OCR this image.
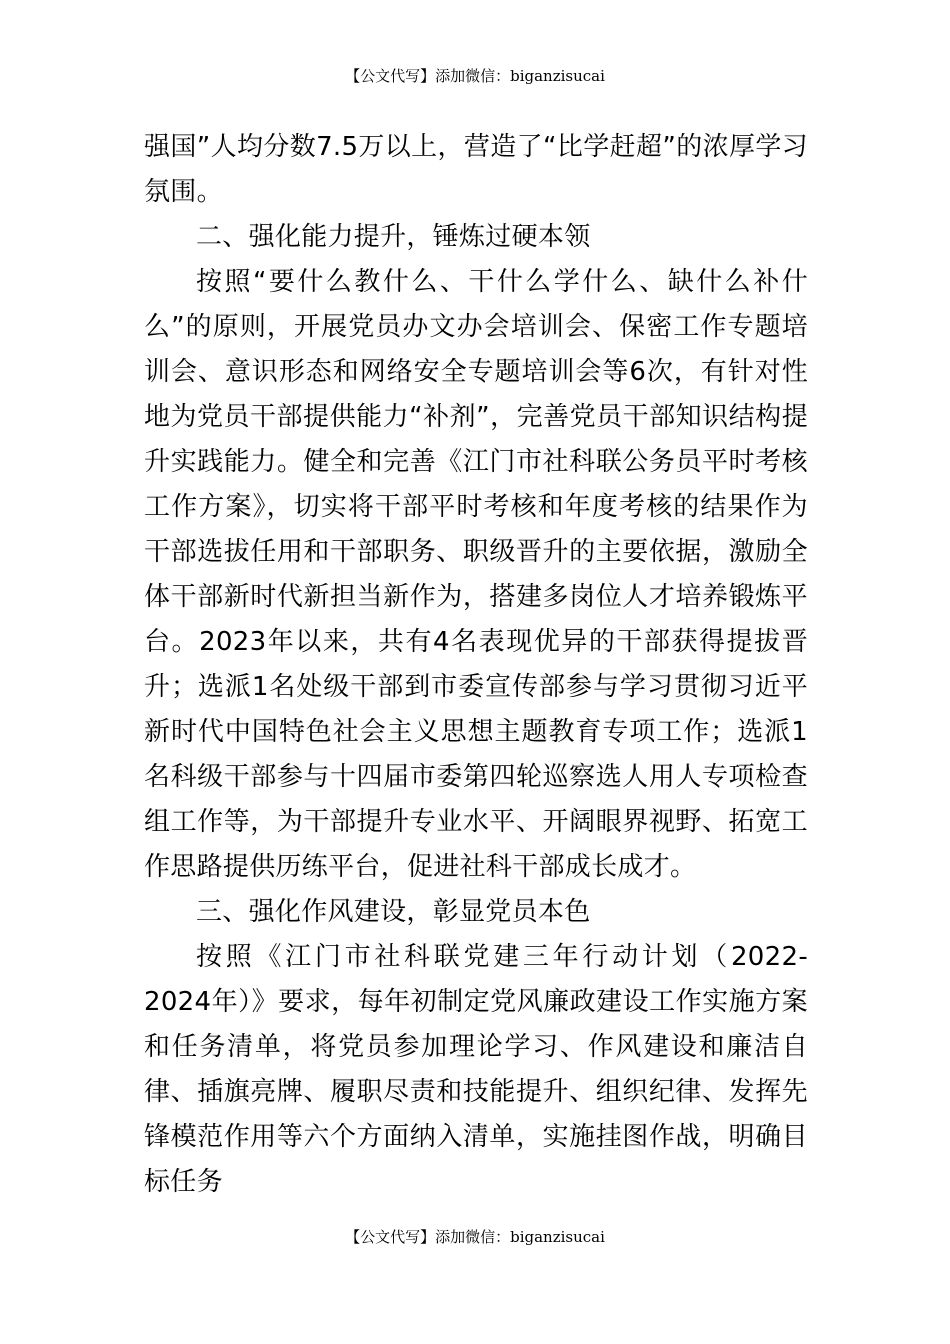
【公文代写】添加微信：biganzisucai

强国”人均分数7.5万以上，营造了“比学赶超”的浓厚学习氛围。

二、强化能力提升，锤炼过硬本领

按照“要什么教什么、干什么学什么、缺什么补什么”的原则，开展党员办文办会培训会、保密工作专题培训会、意识形态和网络安全专题培训会等6次，有针对性地为党员干部提供能力“补剂”，完善党员干部知识结构提升实践能力。健全和完善《江门市社科联公务员平时考核工作方案》，切实将干部平时考核和年度考核的结果作为干部选拔任用和干部职务、职级晋升的主要依据，激励全体干部新时代新担当新作为，搭建多岗位人才培养锻炼平台。2023年以来，共有4名表现优异的干部获得提拔晋升；选派1名处级干部到市委宣传部参与学习贯彻习近平新时代中国特色社会主义思想主题教育专项工作；选派1名科级干部参与十四届市委第四轮巡察选人用人专项检查组工作等，为干部提升专业水平、开阔眼界视野、拓宽工作思路提供历练平台，促进社科干部成长成才。

三、强化作风建设，彰显党员本色

按照《江门市社科联党建三年行动计划（2022-2024年）》要求，每年初制定党风廉政建设工作实施方案和任务清单，将党员参加理论学习、作风建设和廉洁自律、插旗亮牌、履职尽责和技能提升、组织纪律、发挥先锋模范作用等六个方面纳入清单，实施挂图作战，明确目标任务

【公文代写】添加微信：biganzisucai
